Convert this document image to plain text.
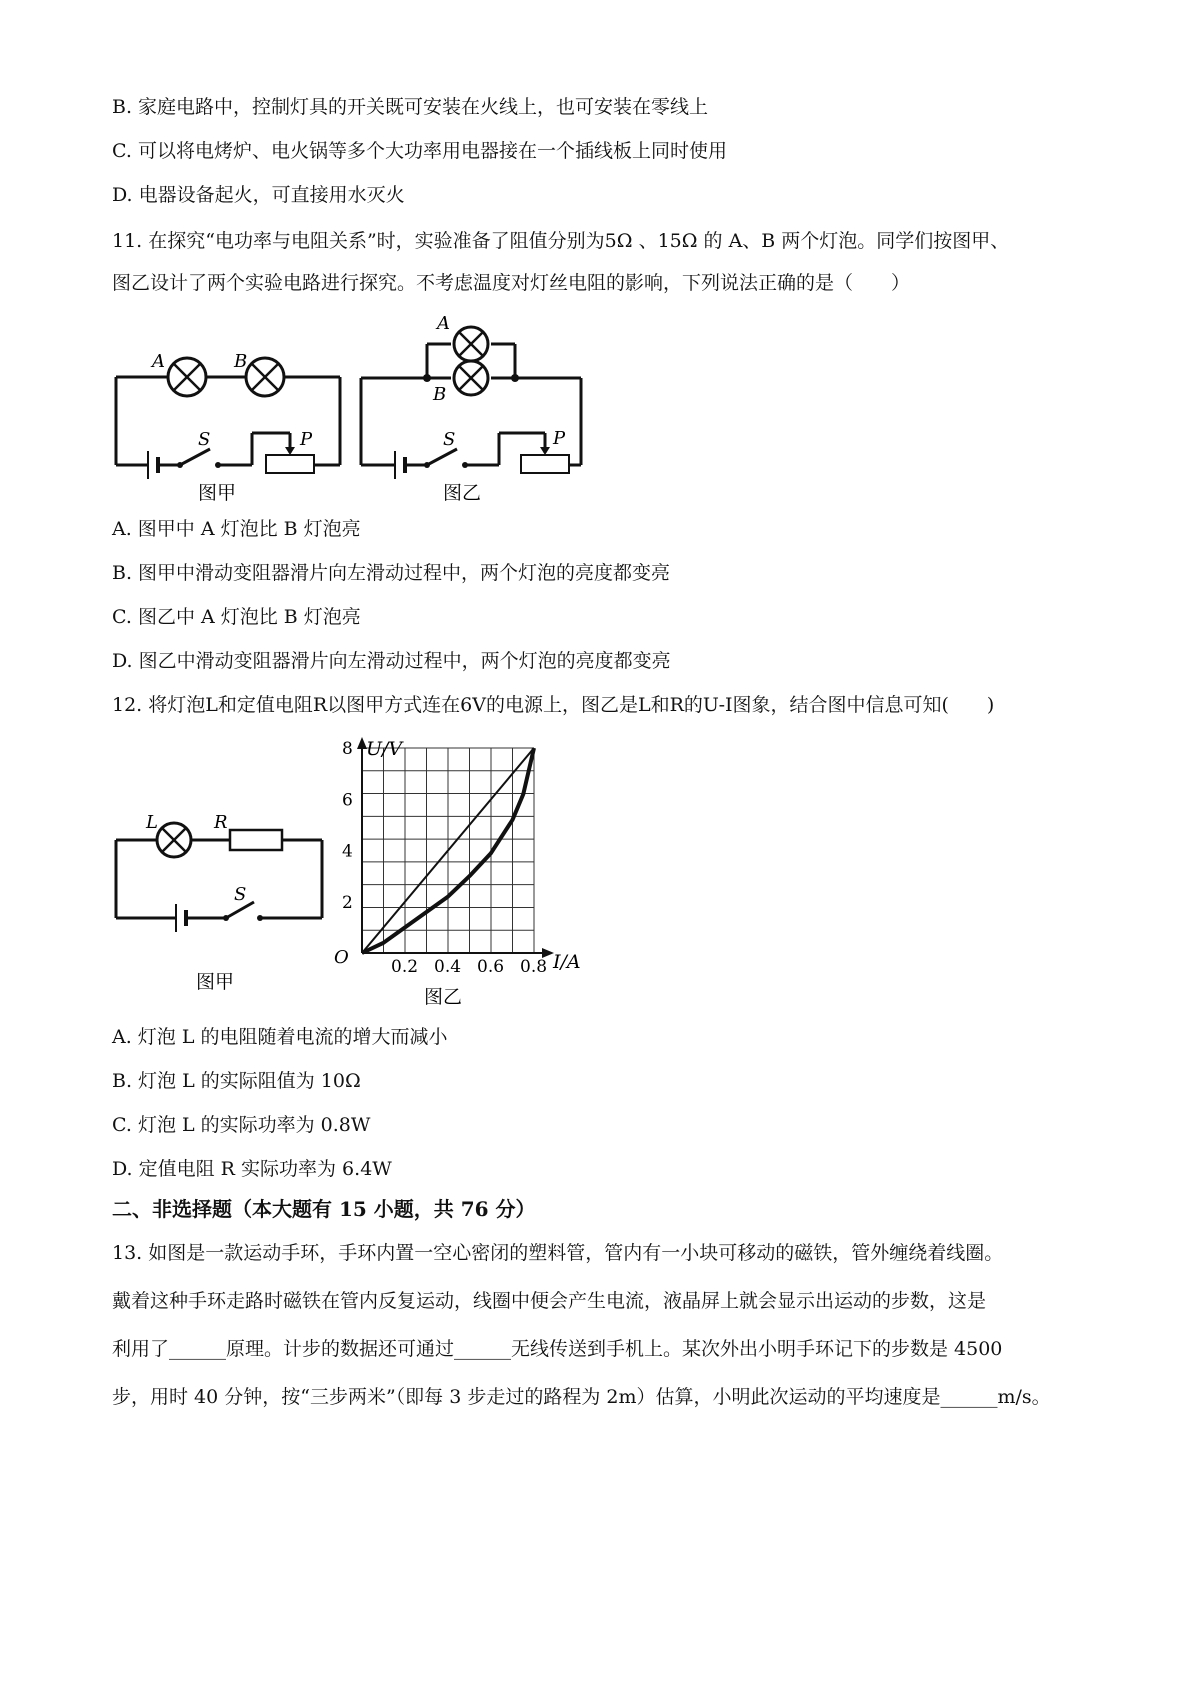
B. 家庭电路中，控制灯具的开关既可安装在火线上，也可安装在零线上
C. 可以将电烤炉、电火锅等多个大功率用电器接在一个插线板上同时使用
D. 电器设备起火，可直接用水灭火
11. 在探究“电功率与电阻关系”时，实验准备了阻值分别为5Ω 、15Ω 的 A、B 两个灯泡。同学们按图甲、
图乙设计了两个实验电路进行探究。不考虑温度对灯丝电阻的影响，下列说法正确的是（　　）
A	B
S	P
图甲
A
B
S	P
图乙
A. 图甲中 A 灯泡比 B 灯泡亮
B. 图甲中滑动变阻器滑片向左滑动过程中，两个灯泡的亮度都变亮
C. 图乙中 A 灯泡比 B 灯泡亮
D. 图乙中滑动变阻器滑片向左滑动过程中，两个灯泡的亮度都变亮
12. 将灯泡L和定值电阻R以图甲方式连在6V的电源上，图乙是L和R的U-I图象，结合图中信息可知(　　)
L	R
S
图甲
0.2 0.4 0.6 0.8
2
4
6
8 U/V
I/A
O
图乙
A. 灯泡 L 的电阻随着电流的增大而减小
B. 灯泡 L 的实际阻值为 10Ω
C. 灯泡 L 的实际功率为 0.8W
D. 定值电阻 R 实际功率为 6.4W
二、非选择题（本大题有 15 小题，共 76 分）
13. 如图是一款运动手环，手环内置一空心密闭的塑料管，管内有一小块可移动的磁铁，管外缠绕着线圈。
戴着这种手环走路时磁铁在管内反复运动，线圈中便会产生电流，液晶屏上就会显示出运动的步数，这是
利用了______原理。计步的数据还可通过______无线传送到手机上。某次外出小明手环记下的步数是 4500
步，用时 40 分钟，按“三步两米”（即每 3 步走过的路程为 2m）估算，小明此次运动的平均速度是______m/s。
